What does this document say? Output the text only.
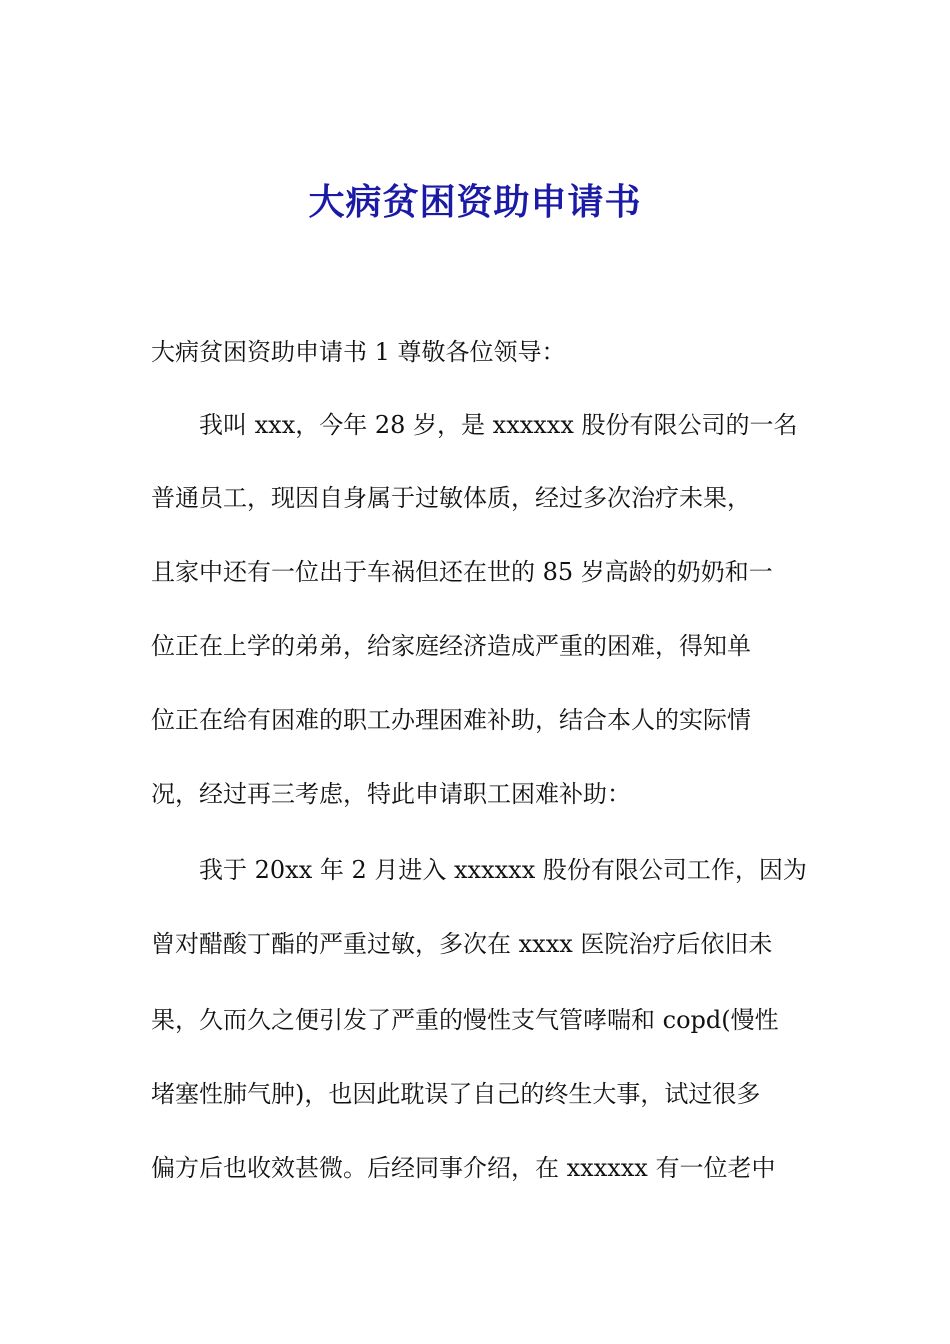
大病贫困资助申请书
大病贫困资助申请书 1 尊敬各位领导：
　　我叫 xxx，今年 28 岁，是 xxxxxx 股份有限公司的一名
普通员工，现因自身属于过敏体质，经过多次治疗未果，
且家中还有一位出于车祸但还在世的 85 岁高龄的奶奶和一
位正在上学的弟弟，给家庭经济造成严重的困难，得知单
位正在给有困难的职工办理困难补助，结合本人的实际情
况，经过再三考虑，特此申请职工困难补助：
　　我于 20xx 年 2 月进入 xxxxxx 股份有限公司工作，因为
曾对醋酸丁酯的严重过敏，多次在 xxxx 医院治疗后依旧未
果，久而久之便引发了严重的慢性支气管哮喘和 copd(慢性
堵塞性肺气肿)，也因此耽误了自己的终生大事，试过很多
偏方后也收效甚微。后经同事介绍，在 xxxxxx 有一位老中
